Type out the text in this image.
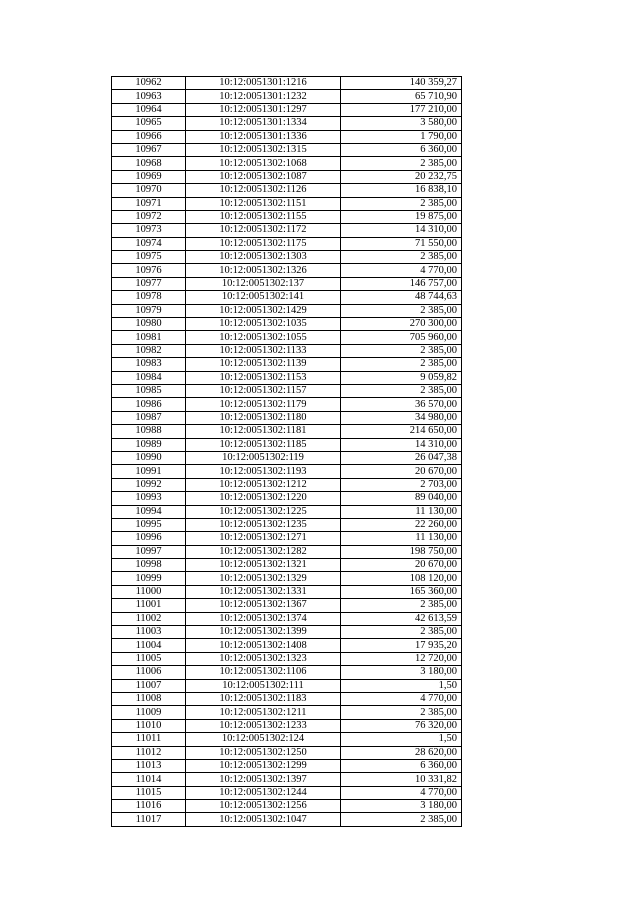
10962	10:12:0051301:1216	140 359,27
10963	10:12:0051301:1232	65 710,90
10964	10:12:0051301:1297	177 210,00
10965	10:12:0051301:1334	3 580,00
10966	10:12:0051301:1336	1 790,00
10967	10:12:0051302:1315	6 360,00
10968	10:12:0051302:1068	2 385,00
10969	10:12:0051302:1087	20 232,75
10970	10:12:0051302:1126	16 838,10
10971	10:12:0051302:1151	2 385,00
10972	10:12:0051302:1155	19 875,00
10973	10:12:0051302:1172	14 310,00
10974	10:12:0051302:1175	71 550,00
10975	10:12:0051302:1303	2 385,00
10976	10:12:0051302:1326	4 770,00
10977	10:12:0051302:137	146 757,00
10978	10:12:0051302:141	48 744,63
10979	10:12:0051302:1429	2 385,00
10980	10:12:0051302:1035	270 300,00
10981	10:12:0051302:1055	705 960,00
10982	10:12:0051302:1133	2 385,00
10983	10:12:0051302:1139	2 385,00
10984	10:12:0051302:1153	9 059,82
10985	10:12:0051302:1157	2 385,00
10986	10:12:0051302:1179	36 570,00
10987	10:12:0051302:1180	34 980,00
10988	10:12:0051302:1181	214 650,00
10989	10:12:0051302:1185	14 310,00
10990	10:12:0051302:119	26 047,38
10991	10:12:0051302:1193	20 670,00
10992	10:12:0051302:1212	2 703,00
10993	10:12:0051302:1220	89 040,00
10994	10:12:0051302:1225	11 130,00
10995	10:12:0051302:1235	22 260,00
10996	10:12:0051302:1271	11 130,00
10997	10:12:0051302:1282	198 750,00
10998	10:12:0051302:1321	20 670,00
10999	10:12:0051302:1329	108 120,00
11000	10:12:0051302:1331	165 360,00
11001	10:12:0051302:1367	2 385,00
11002	10:12:0051302:1374	42 613,59
11003	10:12:0051302:1399	2 385,00
11004	10:12:0051302:1408	17 935,20
11005	10:12:0051302:1323	12 720,00
11006	10:12:0051302:1106	3 180,00
11007	10:12:0051302:111	1,50
11008	10:12:0051302:1183	4 770,00
11009	10:12:0051302:1211	2 385,00
11010	10:12:0051302:1233	76 320,00
11011	10:12:0051302:124	1,50
11012	10:12:0051302:1250	28 620,00
11013	10:12:0051302:1299	6 360,00
11014	10:12:0051302:1397	10 331,82
11015	10:12:0051302:1244	4 770,00
11016	10:12:0051302:1256	3 180,00
11017	10:12:0051302:1047	2 385,00
